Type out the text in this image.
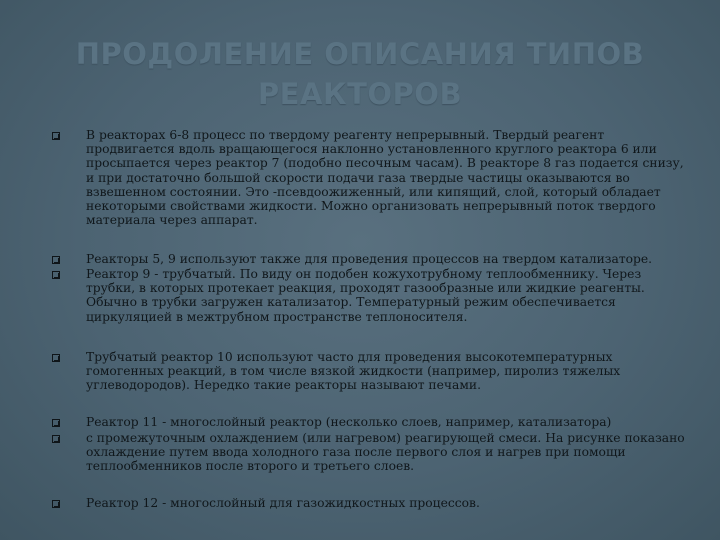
ПРОДОЛЕНИЕ ОПИСАНИЯ ТИПОВ
РЕАКТОРОВ
В реакторах 6-8 процесс по твердому реагенту непрерывный. Твердый реагент продвигается вдоль вращающегося наклонно установленного круглого реактора 6 или просыпается через реактор 7 (подобно песочным часам). В реакторе 8 газ подается снизу, и при достаточно большой скорости подачи газа твердые частицы оказываются во взвешенном состоянии. Это -псевдоожиженный, или кипящий, слой, который обладает некоторыми свойствами жидкости. Можно организовать непрерывный поток твердого материала через аппарат.
Реакторы 5, 9 используют также для проведения процессов на твердом катализаторе.
Реактор 9 - трубчатый. По виду он подобен кожухотрубному теплообменнику. Через трубки, в которых протекает реакция, проходят газообразные или жидкие реагенты. Обычно в трубки загружен катализатор. Температурный режим обеспечивается циркуляцией в межтрубном пространстве теплоносителя.
Трубчатый реактор 10 используют часто для проведения высокотемпературных гомогенных реакций, в том числе вязкой жидкости (например, пиролиз тяжелых углеводородов). Нередко такие реакторы называют печами.
Реактор 11 - многослойный реактор (несколько слоев, например, катализатора)
с промежуточным охлаждением (или нагревом) реагирующей смеси. На рисунке показано охлаждение путем ввода холодного газа после первого слоя и нагрев при помощи теплообменников после второго и третьего слоев.
Реактор 12 - многослойный для газожидкостных процессов.
